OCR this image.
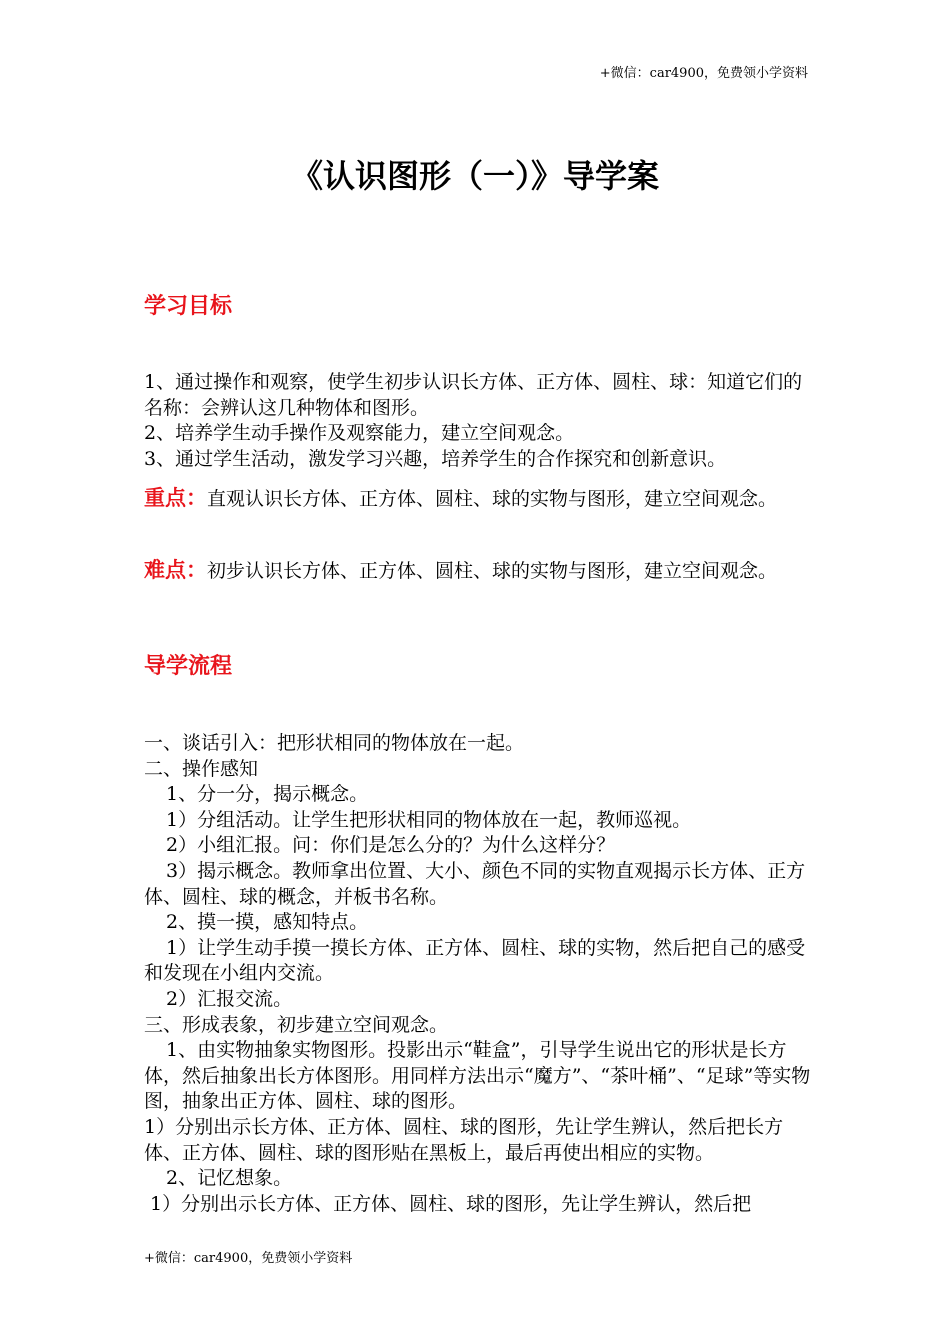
+微信：car4900，免费领小学资料
《认识图形（一）》导学案
学习目标

1、通过操作和观察，使学生初步认识长方体、正方体、圆柱、球：知道它们的名称：会辨认这几种物体和图形。

2、培养学生动手操作及观察能力，建立空间观念。

3、通过学生活动，激发学习兴趣，培养学生的合作探究和创新意识。

重点：直观认识长方体、正方体、圆柱、球的实物与图形，建立空间观念。
难点：初步认识长方体、正方体、圆柱、球的实物与图形，建立空间观念。
导学流程

一、谈话引入：把形状相同的物体放在一起。

二、操作感知

1、分一分，揭示概念。

1）分组活动。让学生把形状相同的物体放在一起，教师巡视。

2）小组汇报。问：你们是怎么分的？为什么这样分？

3）揭示概念。教师拿出位置、大小、颜色不同的实物直观揭示长方体、正方体、圆柱、球的概念，并板书名称。

2、摸一摸，感知特点。

1）让学生动手摸一摸长方体、正方体、圆柱、球的实物，然后把自己的感受和发现在小组内交流。

2）汇报交流。

三、形成表象，初步建立空间观念。

1、由实物抽象实物图形。投影出示“鞋盒”，引导学生说出它的形状是长方体，然后抽象出长方体图形。用同样方法出示“魔方”、“茶叶桶”、“足球”等实物图，抽象出正方体、圆柱、球的图形。

1）分别出示长方体、正方体、圆柱、球的图形，先让学生辨认，然后把长方体、正方体、圆柱、球的图形贴在黑板上，最后再使出相应的实物。

2、记忆想象。

1）分别出示长方体、正方体、圆柱、球的图形，先让学生辨认，然后把

+微信：car4900，免费领小学资料
